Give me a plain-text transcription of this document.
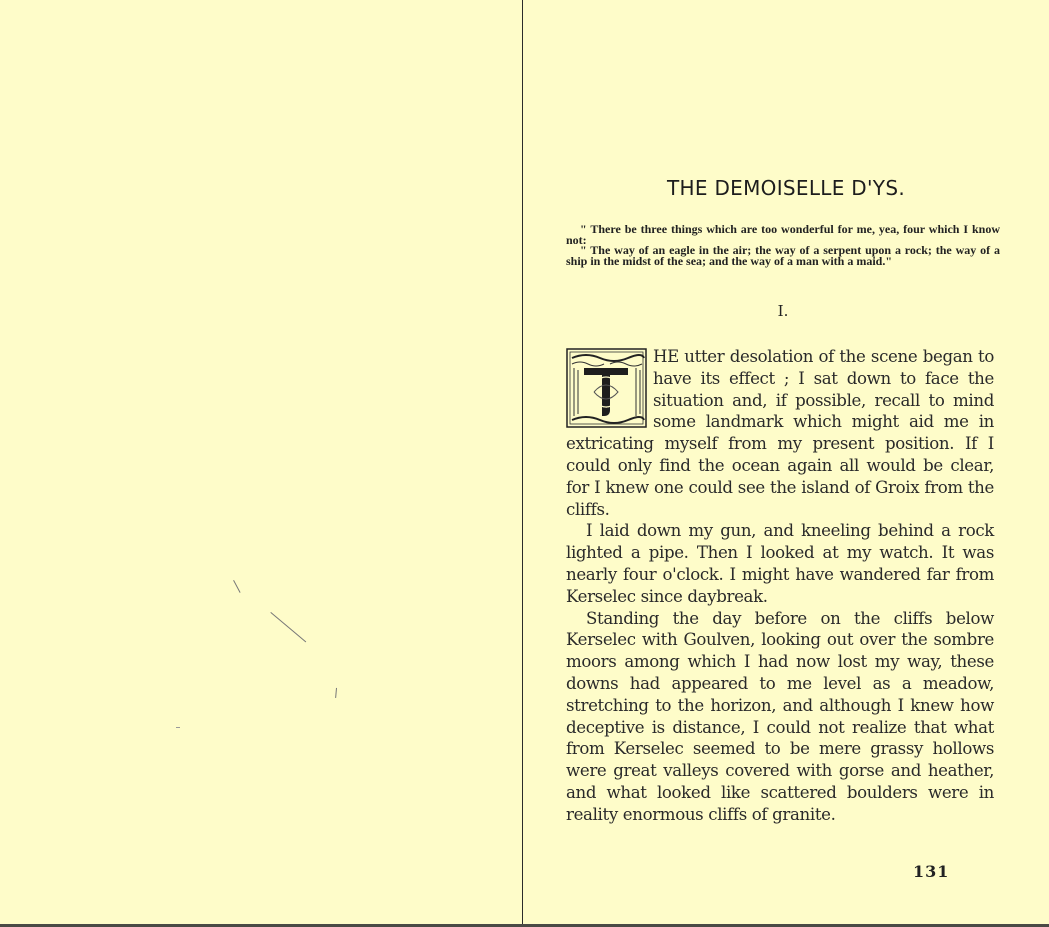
THE DEMOISELLE D'YS.

" There be three things which are too wonderful for me, yea, four which I know not:

" The way of an eagle in the air; the way of a serpent upon a rock; the way of a ship in the midst of the sea; and the way of a man with a maid."

I.
T

HE utter desolation of the scene began to have its effect ; I sat down to face the situation and, if possible, recall to mind some landmark which might aid me in extricating myself from my present position. If I could only find the ocean again all would be clear, for I knew one could see the island of Groix from the cliffs.

I laid down my gun, and kneeling behind a rock lighted a pipe. Then I looked at my watch. It was nearly four o'clock. I might have wandered far from Kerselec since daybreak.

Standing the day before on the cliffs below Kerselec with Goulven, looking out over the sombre moors among which I had now lost my way, these downs had appeared to me level as a meadow, stretching to the horizon, and although I knew how deceptive is distance, I could not realize that what from Kerselec seemed to be mere grassy hollows were great valleys covered with gorse and heather, and what looked like scattered boulders were in reality enormous cliffs of granite.

131
